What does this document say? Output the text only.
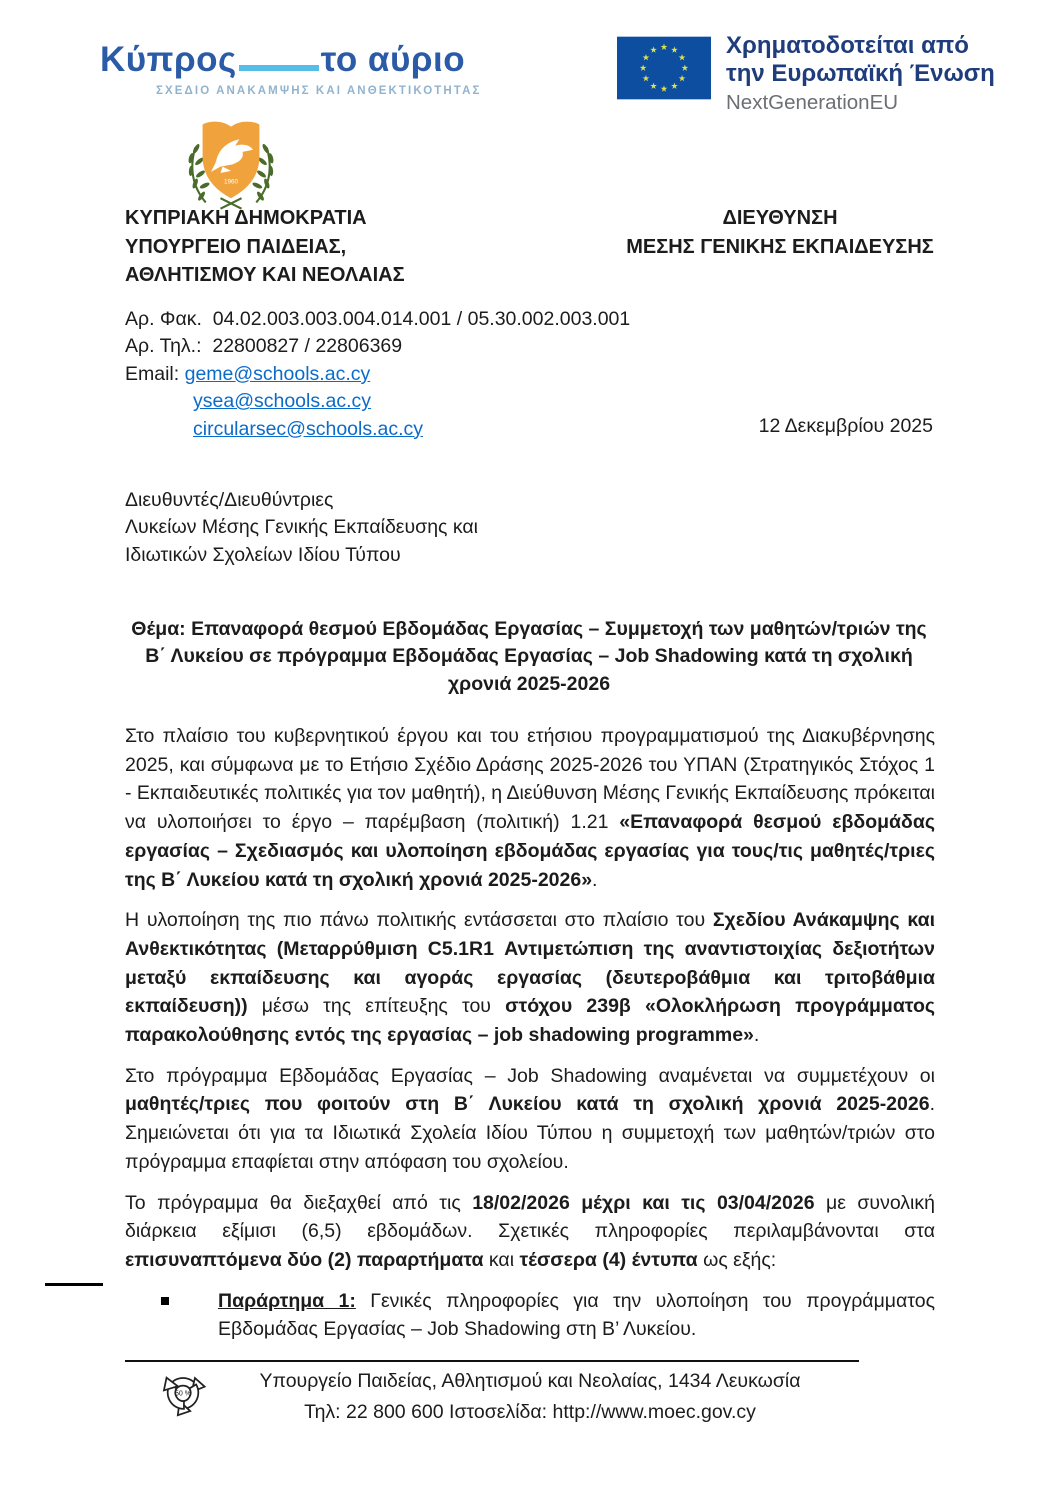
Κύπρος το αύριο
ΣΧΕΔΙΟ ΑΝΑΚΑΜΨΗΣ ΚΑΙ ΑΝΘΕΚΤΙΚΟΤΗΤΑΣ
Χρηματοδοτείται από
την Ευρωπαϊκή Ένωση
NextGenerationEU
1960
ΚΥΠΡΙΑΚΗ ΔΗΜΟΚΡΑΤΙΑ
ΥΠΟΥΡΓΕΙΟ ΠΑΙΔΕΙΑΣ,
ΑΘΛΗΤΙΣΜΟΥ ΚΑΙ ΝΕΟΛΑΙΑΣ
ΔΙΕΥΘΥΝΣΗ
ΜΕΣΗΣ ΓΕΝΙΚΗΣ ΕΚΠΑΙΔΕΥΣΗΣ
Αρ. Φακ. 04.02.003.003.004.014.001 / 05.30.002.003.001
Αρ. Τηλ.: 22800827 / 22806369
Email: geme@schools.ac.cy
ysea@schools.ac.cy
circularsec@schools.ac.cy	12 Δεκεμβρίου 2025
Διευθυντές/Διευθύντριες
Λυκείων Μέσης Γενικής Εκπαίδευσης και
Ιδιωτικών Σχολείων Ιδίου Τύπου
Θέμα: Επαναφορά θεσμού Εβδομάδας Εργασίας – Συμμετοχή των μαθητών/τριών της Β΄ Λυκείου σε πρόγραμμα Εβδομάδας Εργασίας – Job Shadowing κατά τη σχολική χρονιά 2025-2026

Στο πλαίσιο του κυβερνητικού έργου και του ετήσιου προγραμματισμού της Διακυβέρνησης 2025, και σύμφωνα με το Ετήσιο Σχέδιο Δράσης 2025-2026 του ΥΠΑΝ (Στρατηγικός Στόχος 1 - Εκπαιδευτικές πολιτικές για τον μαθητή), η Διεύθυνση Μέσης Γενικής Εκπαίδευσης πρόκειται να υλοποιήσει το έργο – παρέμβαση (πολιτική) 1.21 «Επαναφορά θεσμού εβδομάδας εργασίας – Σχεδιασμός και υλοποίηση εβδομάδας εργασίας για τους/τις μαθητές/τριες της Β΄ Λυκείου κατά τη σχολική χρονιά 2025-2026».

Η υλοποίηση της πιο πάνω πολιτικής εντάσσεται στο πλαίσιο του Σχεδίου Ανάκαμψης και Ανθεκτικότητας (Μεταρρύθμιση C5.1R1 Αντιμετώπιση της αναντιστοιχίας δεξιοτήτων μεταξύ εκπαίδευσης και αγοράς εργασίας (δευτεροβάθμια και τριτοβάθμια εκπαίδευση)) μέσω της επίτευξης του στόχου 239β «Ολοκλήρωση προγράμματος παρακολούθησης εντός της εργασίας – job shadowing programme».

Στο πρόγραμμα Εβδομάδας Εργασίας – Job Shadowing αναμένεται να συμμετέχουν οι μαθητές/τριες που φοιτούν στη Β΄ Λυκείου κατά τη σχολική χρονιά 2025-2026. Σημειώνεται ότι για τα Ιδιωτικά Σχολεία Ιδίου Τύπου η συμμετοχή των μαθητών/τριών στο πρόγραμμα επαφίεται στην απόφαση του σχολείου.

Το πρόγραμμα θα διεξαχθεί από τις 18/02/2026 μέχρι και τις 03/04/2026 με συνολική διάρκεια εξίμισι (6,5) εβδομάδων. Σχετικές πληροφορίες περιλαμβάνονται στα επισυναπτόμενα δύο (2) παραρτήματα και τέσσερα (4) έντυπα ως εξής:

Παράρτημα 1: Γενικές πληροφορίες για την υλοποίηση του προγράμματος Εβδομάδας Εργασίας – Job Shadowing στη Β’ Λυκείου.
50 %
Υπουργείο Παιδείας, Αθλητισμού και Νεολαίας, 1434 Λευκωσία
Τηλ: 22 800 600 Ιστοσελίδα: http://www.moec.gov.cy
